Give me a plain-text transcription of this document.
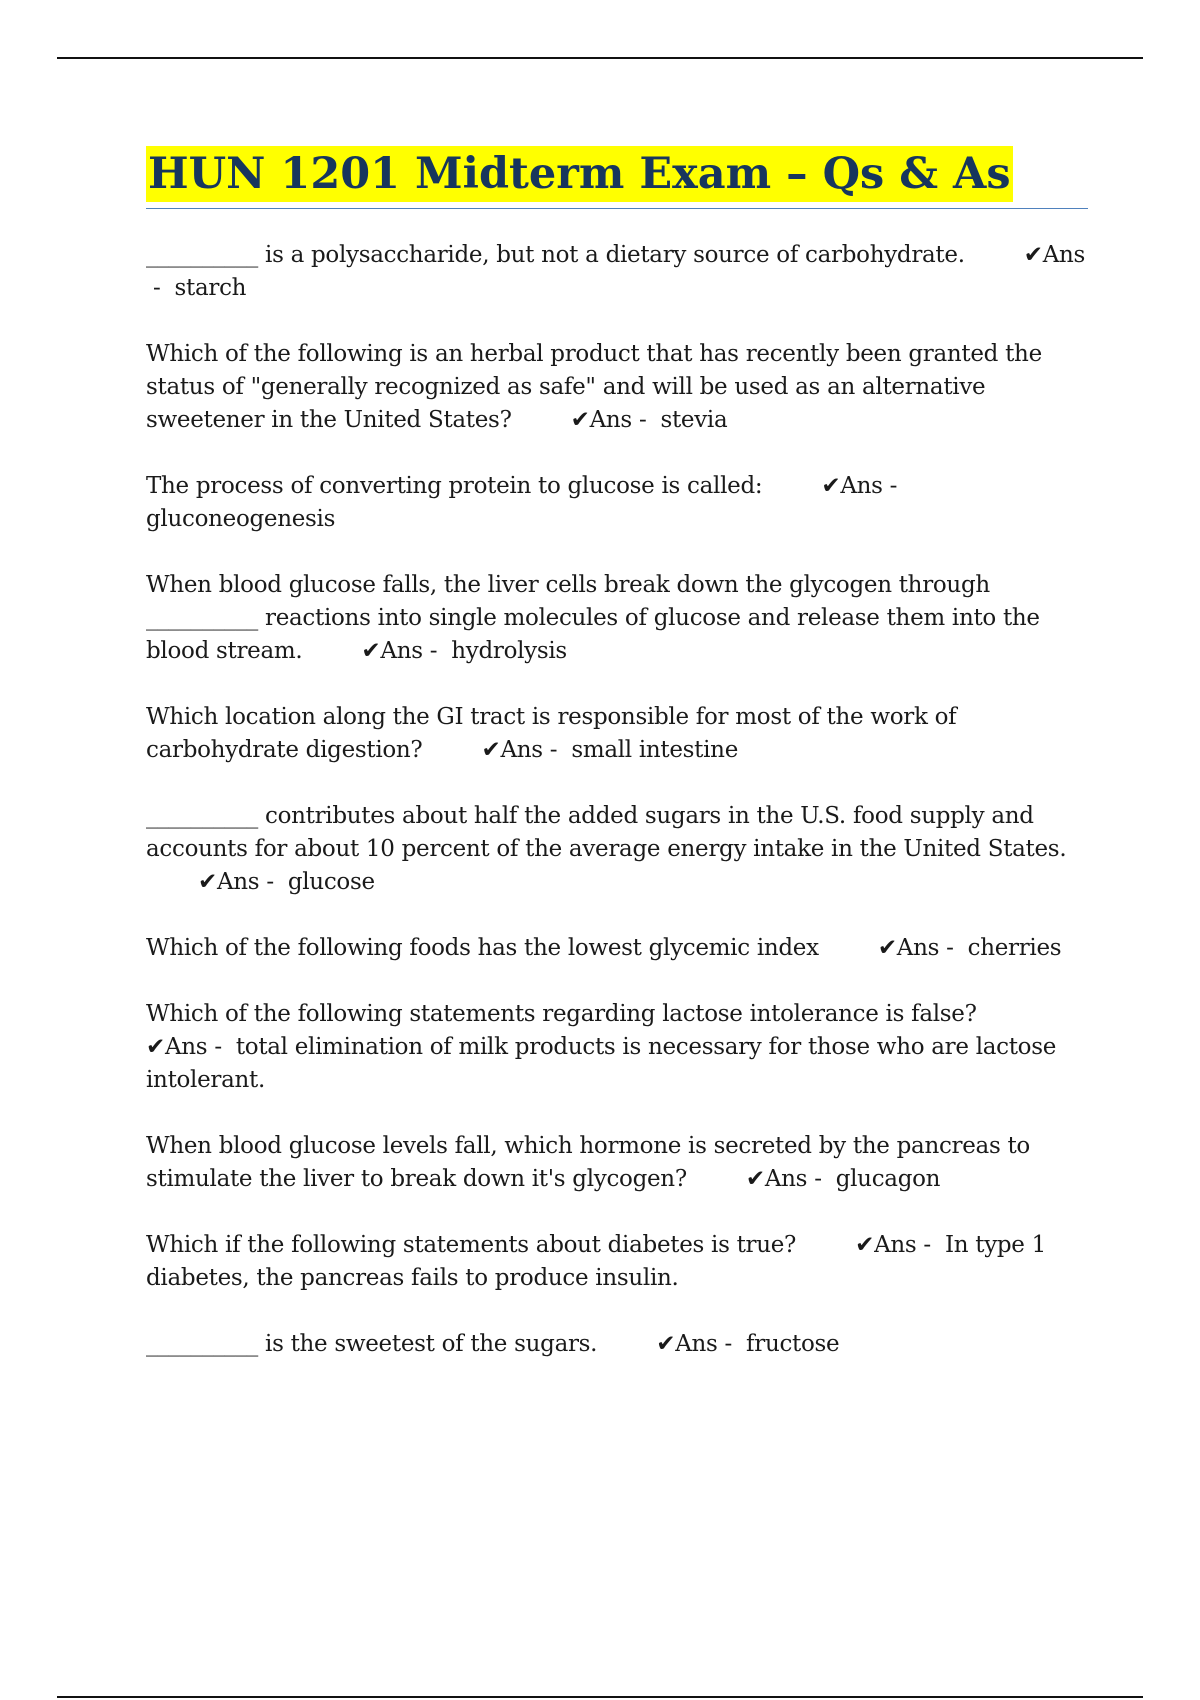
HUN 1201 Midterm Exam – Qs & As

__________ is a polysaccharide, but not a dietary source of carbohydrate.	✔Ans -  starch

Which of the following is an herbal product that has recently been granted the status of "generally recognized as safe" and will be used as an alternative sweetener in the United States?	✔Ans -  stevia

The process of converting protein to glucose is called:	✔Ans -  gluconeogenesis

When blood glucose falls, the liver cells break down the glycogen through __________ reactions into single molecules of glucose and release them into the blood stream.	✔Ans -  hydrolysis

Which location along the GI tract is responsible for most of the work of carbohydrate digestion?	✔Ans -  small intestine

__________ contributes about half the added sugars in the U.S. food supply and accounts for about 10 percent of the average energy intake in the United States. ✔Ans -  glucose

Which of the following foods has the lowest glycemic index	✔Ans -  cherries

Which of the following statements regarding lactose intolerance is false? ✔Ans -  total elimination of milk products is necessary for those who are lactose intolerant.

When blood glucose levels fall, which hormone is secreted by the pancreas to stimulate the liver to break down it's glycogen?	✔Ans -  glucagon

Which if the following statements about diabetes is true?	✔Ans -  In type 1 diabetes, the pancreas fails to produce insulin.

__________ is the sweetest of the sugars.	✔Ans -  fructose
